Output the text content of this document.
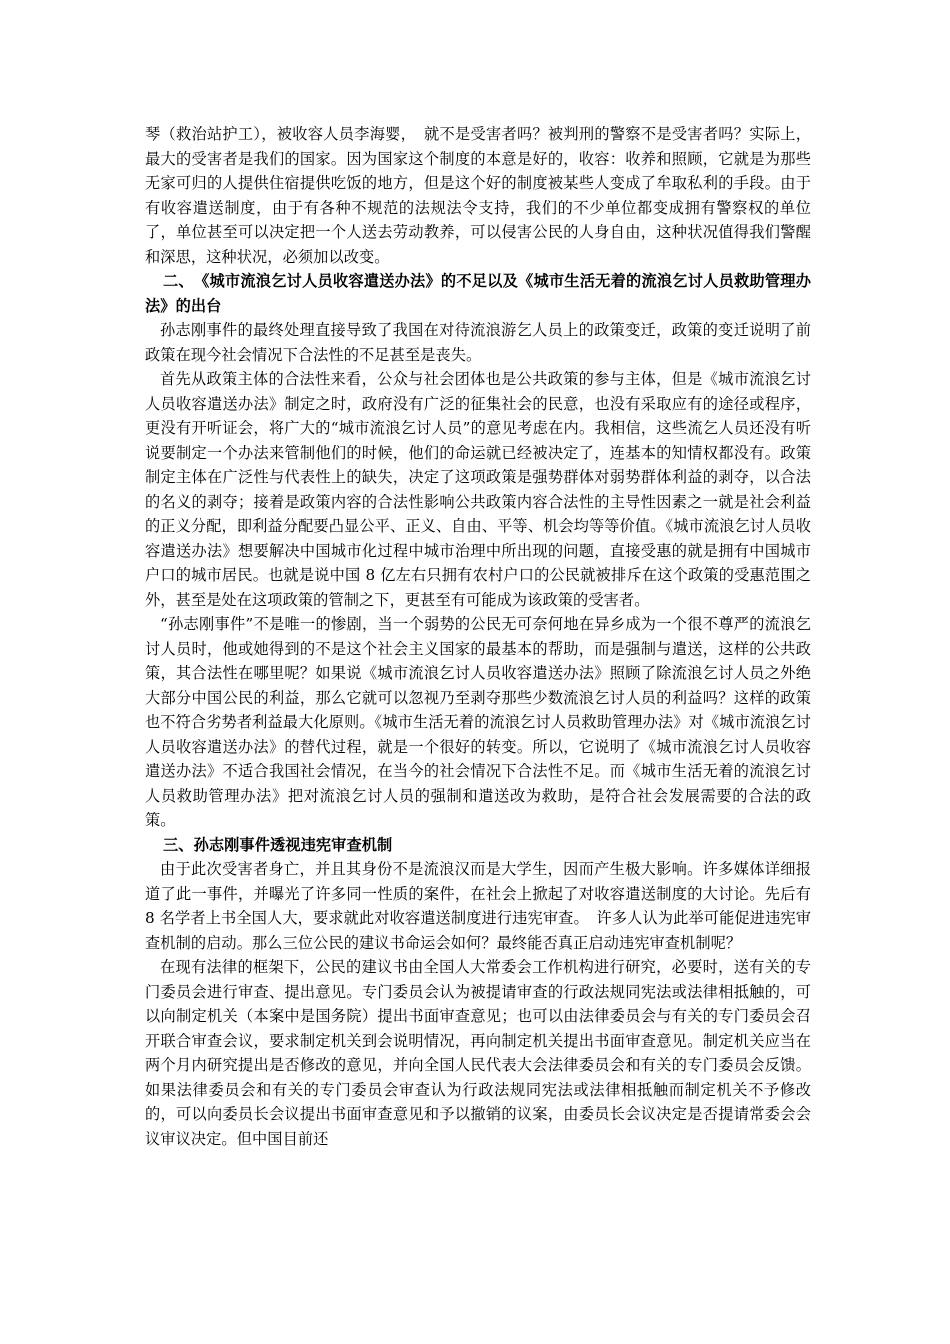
琴（救治站护工），被收容人员李海婴，　就不是受害者吗？被判刑的警察不是受害者吗？实际上，最大的受害者是我们的国家。因为国家这个制度的本意是好的，收容：收养和照顾，它就是为那些无家可归的人提供住宿提供吃饭的地方，但是这个好的制度被某些人变成了牟取私利的手段。由于有收容遣送制度，由于有各种不规范的法规法令支持，我们的不少单位都变成拥有警察权的单位了，单位甚至可以决定把一个人送去劳动教养，可以侵害公民的人身自由，这种状况值得我们警醒和深思，这种状况，必须加以改变。

二、　《城市流浪乞讨人员收容遣送办法》的不足以及《城市生活无着的流浪乞讨人员救助管理办法》的出台

孙志刚事件的最终处理直接导致了我国在对待流浪游乞人员上的政策变迁，政策的变迁说明了前政策在现今社会情况下合法性的不足甚至是丧失。

首先从政策主体的合法性来看，公众与社会团体也是公共政策的参与主体，但是《城市流浪乞讨人员收容遣送办法》制定之时，政府没有广泛的征集社会的民意，也没有采取应有的途径或程序，更没有开听证会，将广大的“城市流浪乞讨人员”的意见考虑在内。我相信，这些流乞人员还没有听说要制定一个办法来管制他们的时候，他们的命运就已经被决定了，连基本的知情权都没有。政策制定主体在广泛性与代表性上的缺失，决定了这项政策是强势群体对弱势群体利益的剥夺，以合法的名义的剥夺；接着是政策内容的合法性影响公共政策内容合法性的主导性因素之一就是社会利益的正义分配，即利益分配要凸显公平、正义、自由、平等、机会均等等价值。《城市流浪乞讨人员收容遣送办法》想要解决中国城市化过程中城市治理中所出现的问题，直接受惠的就是拥有中国城市户口的城市居民。也就是说中国 8 亿左右只拥有农村户口的公民就被排斥在这个政策的受惠范围之外，甚至是处在这项政策的管制之下，更甚至有可能成为该政策的受害者。

“孙志刚事件”不是唯一的惨剧，当一个弱势的公民无可奈何地在异乡成为一个很不尊严的流浪乞讨人员时，他或她得到的不是这个社会主义国家的最基本的帮助，而是强制与遣送，这样的公共政策，其合法性在哪里呢？如果说《城市流浪乞讨人员收容遣送办法》照顾了除流浪乞讨人员之外绝大部分中国公民的利益，那么它就可以忽视乃至剥夺那些少数流浪乞讨人员的利益吗？这样的政策也不符合劣势者利益最大化原则。《城市生活无着的流浪乞讨人员救助管理办法》对《城市流浪乞讨人员收容遣送办法》的替代过程，就是一个很好的转变。所以，它说明了《城市流浪乞讨人员收容遣送办法》不适合我国社会情况，在当今的社会情况下合法性不足。而《城市生活无着的流浪乞讨人员救助管理办法》把对流浪乞讨人员的强制和遣送改为救助，是符合社会发展需要的合法的政策。

三、孙志刚事件透视违宪审查机制

由于此次受害者身亡，并且其身份不是流浪汉而是大学生，因而产生极大影响。许多媒体详细报道了此一事件，并曝光了许多同一性质的案件，在社会上掀起了对收容遣送制度的大讨论。先后有 8 名学者上书全国人大，要求就此对收容遣送制度进行违宪审查。　许多人认为此举可能促进违宪审查机制的启动。那么三位公民的建议书命运会如何？最终能否真正启动违宪审查机制呢？

在现有法律的框架下，公民的建议书由全国人大常委会工作机构进行研究，必要时，送有关的专门委员会进行审查、提出意见。专门委员会认为被提请审查的行政法规同宪法或法律相抵触的，可以向制定机关（本案中是国务院）提出书面审查意见；也可以由法律委员会与有关的专门委员会召开联合审查会议，要求制定机关到会说明情况，再向制定机关提出书面审查意见。制定机关应当在两个月内研究提出是否修改的意见，并向全国人民代表大会法律委员会和有关的专门委员会反馈。如果法律委员会和有关的专门委员会审查认为行政法规同宪法或法律相抵触而制定机关不予修改的，可以向委员长会议提出书面审查意见和予以撤销的议案，由委员长会议决定是否提请常委会会议审议决定。但中国目前还
